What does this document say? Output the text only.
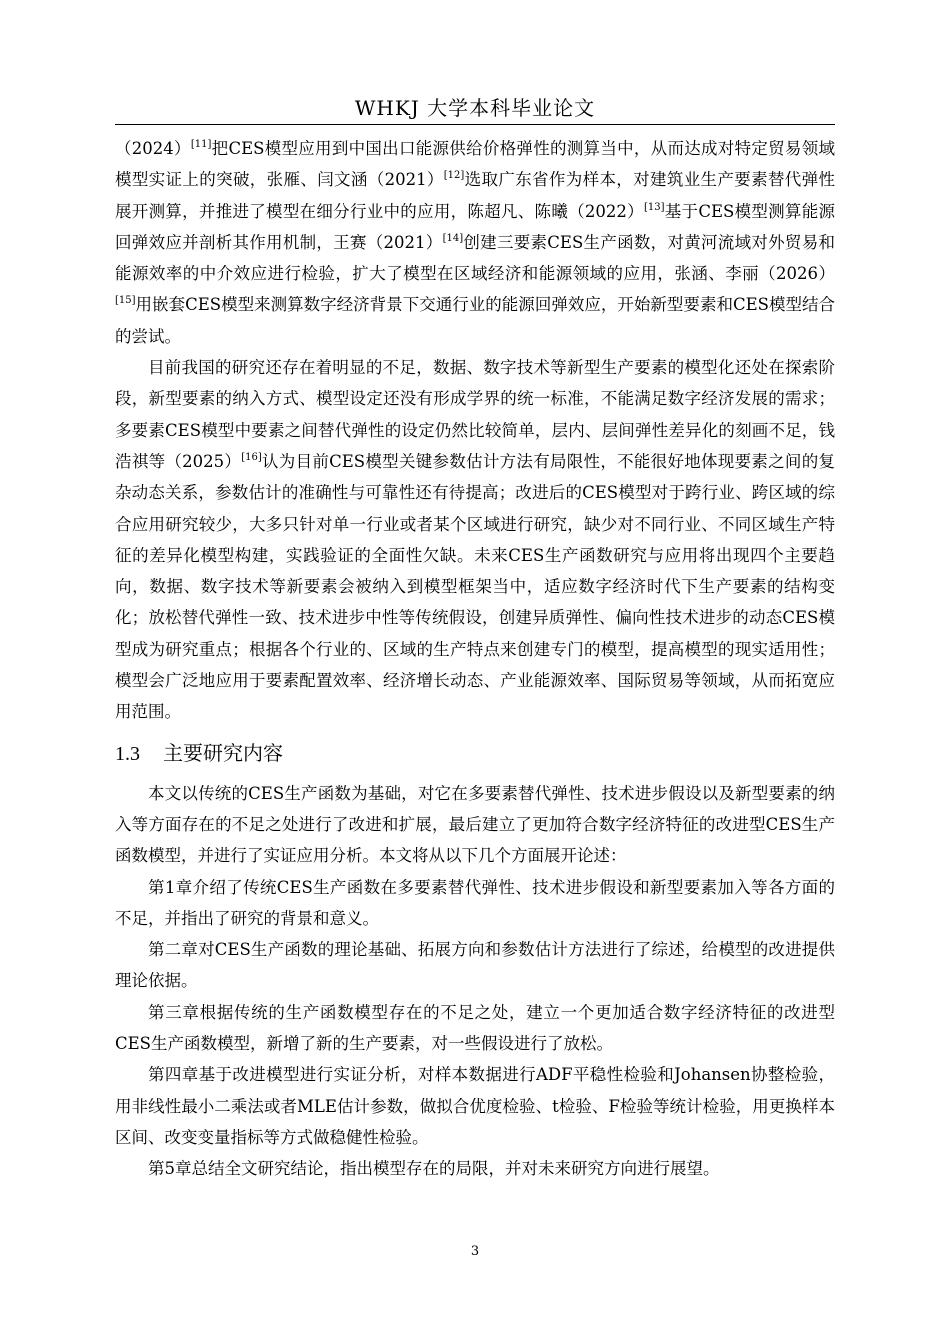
WHKJ 大学本科毕业论文

（2024）[11]把CES模型应用到中国出口能源供给价格弹性的测算当中，从而达成对特定贸易领域模型实证上的突破，张雁、闫文涵（2021）[12]选取广东省作为样本，对建筑业生产要素替代弹性展开测算，并推进了模型在细分行业中的应用，陈超凡、陈曦（2022）[13]基于CES模型测算能源回弹效应并剖析其作用机制，王赛（2021）[14]创建三要素CES生产函数，对黄河流域对外贸易和能源效率的中介效应进行检验，扩大了模型在区域经济和能源领域的应用，张涵、李丽（2026）[15]用嵌套CES模型来测算数字经济背景下交通行业的能源回弹效应，开始新型要素和CES模型结合的尝试。

目前我国的研究还存在着明显的不足，数据、数字技术等新型生产要素的模型化还处在探索阶段，新型要素的纳入方式、模型设定还没有形成学界的统一标准，不能满足数字经济发展的需求；多要素CES模型中要素之间替代弹性的设定仍然比较简单，层内、层间弹性差异化的刻画不足，钱浩祺等（2025）[16]认为目前CES模型关键参数估计方法有局限性，不能很好地体现要素之间的复杂动态关系，参数估计的准确性与可靠性还有待提高；改进后的CES模型对于跨行业、跨区域的综合应用研究较少，大多只针对单一行业或者某个区域进行研究，缺少对不同行业、不同区域生产特征的差异化模型构建，实践验证的全面性欠缺。未来CES生产函数研究与应用将出现四个主要趋向，数据、数字技术等新要素会被纳入到模型框架当中，适应数字经济时代下生产要素的结构变化；放松替代弹性一致、技术进步中性等传统假设，创建异质弹性、偏向性技术进步的动态CES模型成为研究重点；根据各个行业的、区域的生产特点来创建专门的模型，提高模型的现实适用性；模型会广泛地应用于要素配置效率、经济增长动态、产业能源效率、国际贸易等领域，从而拓宽应用范围。

1.3 主要研究内容

本文以传统的CES生产函数为基础，对它在多要素替代弹性、技术进步假设以及新型要素的纳入等方面存在的不足之处进行了改进和扩展，最后建立了更加符合数字经济特征的改进型CES生产函数模型，并进行了实证应用分析。本文将从以下几个方面展开论述：

第1章介绍了传统CES生产函数在多要素替代弹性、技术进步假设和新型要素加入等各方面的不足，并指出了研究的背景和意义。

第二章对CES生产函数的理论基础、拓展方向和参数估计方法进行了综述，给模型的改进提供理论依据。

第三章根据传统的生产函数模型存在的不足之处，建立一个更加适合数字经济特征的改进型CES生产函数模型，新增了新的生产要素，对一些假设进行了放松。

第四章基于改进模型进行实证分析，对样本数据进行ADF平稳性检验和Johansen协整检验，用非线性最小二乘法或者MLE估计参数，做拟合优度检验、t检验、F检验等统计检验，用更换样本区间、改变变量指标等方式做稳健性检验。

第5章总结全文研究结论，指出模型存在的局限，并对未来研究方向进行展望。

3
